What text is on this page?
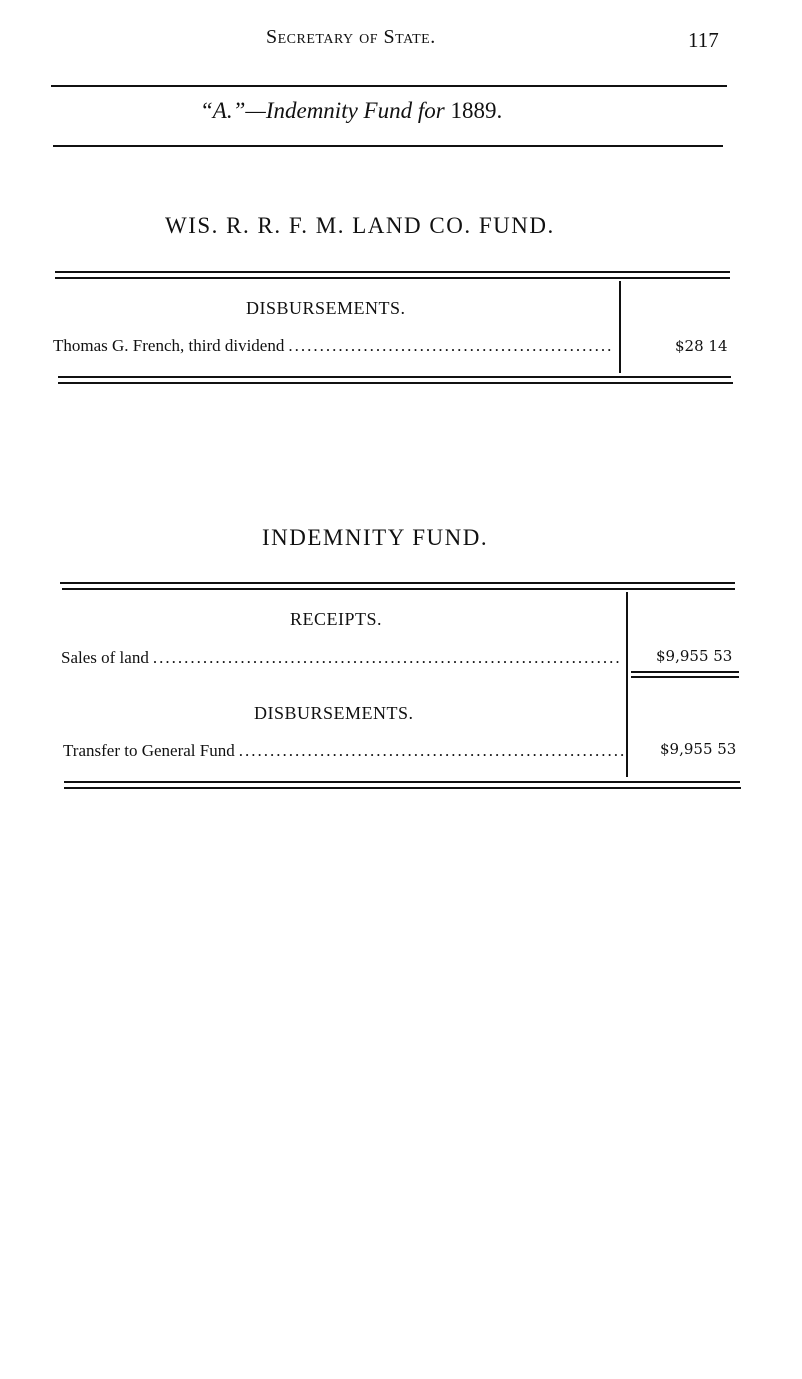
Secretary of State.	117
“A.”—Indemnity Fund for 1889.
WIS. R. R. F. M. LAND CO. FUND.
DISBURSEMENTS.
Thomas G. French, third dividend .....	$28 14
INDEMNITY FUND.
RECEIPTS.
Sales of land .....	$9,955 53
DISBURSEMENTS.
Transfer to General Fund .....	$9,955 53
